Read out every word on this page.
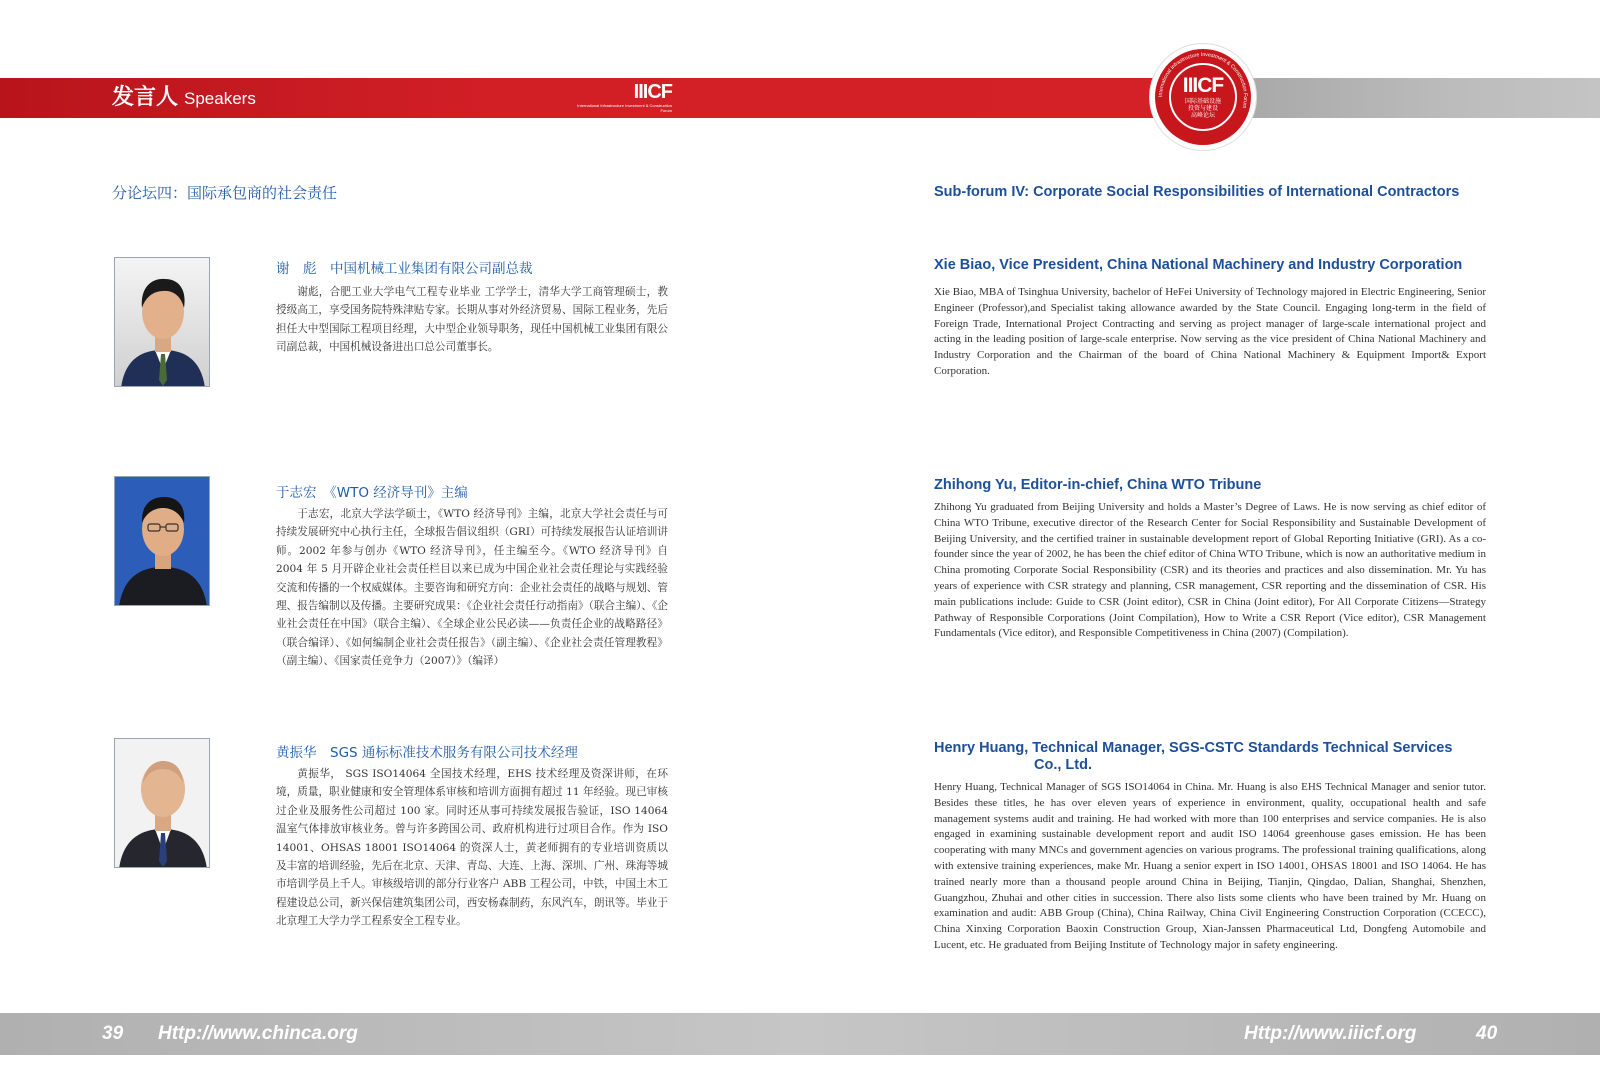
发言人 Speakers	IIICF
International Infrastructure Investment & Construction Forum
International Infrastructure Investment & Construction Forum
IIICF
国际基础设施
投资与建设
高峰论坛
分论坛四：国际承包商的社会责任	Sub-forum IV: Corporate Social Responsibilities of International Contractors
谢　彪　中国机械工业集团有限公司副总裁

谢彪，合肥工业大学电气工程专业毕业 工学学士，清华大学工商管理硕士，教授级高工，享受国务院特殊津贴专家。长期从事对外经济贸易、国际工程业务，先后担任大中型国际工程项目经理，大中型企业领导职务，现任中国机械工业集团有限公司副总裁，中国机械设备进出口总公司董事长。

于志宏　《WTO 经济导刊》主编

于志宏，北京大学法学硕士，《WTO 经济导刊》主编，北京大学社会责任与可持续发展研究中心执行主任，全球报告倡议组织（GRI）可持续发展报告认证培训讲师。2002 年参与创办《WTO 经济导刊》，任主编至今。《WTO 经济导刊》自 2004 年 5 月开辟企业社会责任栏目以来已成为中国企业社会责任理论与实践经验交流和传播的一个权威媒体。主要咨询和研究方向：企业社会责任的战略与规划、管理、报告编制以及传播。主要研究成果：《企业社会责任行动指南》（联合主编）、《企业社会责任在中国》（联合主编）、《全球企业公民必读——负责任企业的战略路径》（联合编译）、《如何编制企业社会责任报告》（副主编）、《企业社会责任管理教程》（副主编）、《国家责任竞争力（2007）》（编译）

黄振华　SGS 通标标准技术服务有限公司技术经理

黄振华， SGS ISO14064 全国技术经理，EHS 技术经理及资深讲师，在环境，质量，职业健康和安全管理体系审核和培训方面拥有超过 11 年经验。现已审核过企业及服务性公司超过 100 家。同时还从事可持续发展报告验证，ISO 14064 温室气体排放审核业务。曾与许多跨国公司、政府机构进行过项目合作。作为 ISO 14001、OHSAS 18001 ISO14064 的资深人士，黄老师拥有的专业培训资质以及丰富的培训经验，先后在北京、天津、青岛、大连、上海、深圳、广州、珠海等城市培训学员上千人。审核级培训的部分行业客户 ABB 工程公司，中铁，中国土木工程建设总公司，新兴保信建筑集团公司，西安杨森制药，东风汽车，朗讯等。毕业于北京理工大学力学工程系安全工程专业。

Xie Biao, Vice President, China National Machinery and Industry Corporation

Xie Biao, MBA of Tsinghua University, bachelor of HeFei University of Technology majored in Electric Engineering, Senior Engineer (Professor),and Specialist taking allowance awarded by the State Council. Engaging long-term in the field of Foreign Trade, International Project Contracting and serving as project manager of large-scale international project and acting in the leading position of large-scale enterprise. Now serving as the vice president of China National Machinery and Industry Corporation and the Chairman of the board of China National Machinery & Equipment Import& Export Corporation.

Zhihong Yu, Editor-in-chief, China WTO Tribune

Zhihong Yu graduated from Beijing University and holds a Master’s Degree of Laws. He is now serving as chief editor of China WTO Tribune, executive director of the Research Center for Social Responsibility and Sustainable Development of Beijing University, and the certified trainer in sustainable development report of Global Reporting Initiative (GRI). As a co-founder since the year of 2002, he has been the chief editor of China WTO Tribune, which is now an authoritative medium in China promoting Corporate Social Responsibility (CSR) and its theories and practices and also dissemination. Mr. Yu has years of experience with CSR strategy and planning, CSR management, CSR reporting and the dissemination of CSR. His main publications include: Guide to CSR (Joint editor), CSR in China (Joint editor), For All Corporate Citizens—Strategy Pathway of Responsible Corporations (Joint Compilation), How to Write a CSR Report (Vice editor), CSR Management Fundamentals (Vice editor), and Responsible Competitiveness in China (2007) (Compilation).

Henry Huang, Technical Manager, SGS-CSTC Standards Technical Services
Co., Ltd.

Henry Huang, Technical Manager of SGS ISO14064 in China. Mr. Huang is also EHS Technical Manager and senior tutor. Besides these titles, he has over eleven years of experience in environment, quality, occupational health and safe management systems audit and training. He had worked with more than 100 enterprises and service companies. He is also engaged in examining sustainable development report and audit ISO 14064 greenhouse gases emission. He has been cooperating with many MNCs and government agencies on various programs. The professional training qualifications, along with extensive training experiences, make Mr. Huang a senior expert in ISO 14001, OHSAS 18001 and ISO 14064. He has trained nearly more than a thousand people around China in Beijing, Tianjin, Qingdao, Dalian, Shanghai, Shenzhen, Guangzhou, Zhuhai and other cities in succession. There also lists some clients who have been trained by Mr. Huang on examination and audit: ABB Group (China), China Railway, China Civil Engineering Construction Corporation (CCECC), China Xinxing Corporation Baoxin Construction Group, Xian-Janssen Pharmaceutical Ltd, Dongfeng Automobile and Lucent, etc. He graduated from Beijing Institute of Technology major in safety engineering.

39 Http://www.chinca.org	Http://www.iiicf.org	40
